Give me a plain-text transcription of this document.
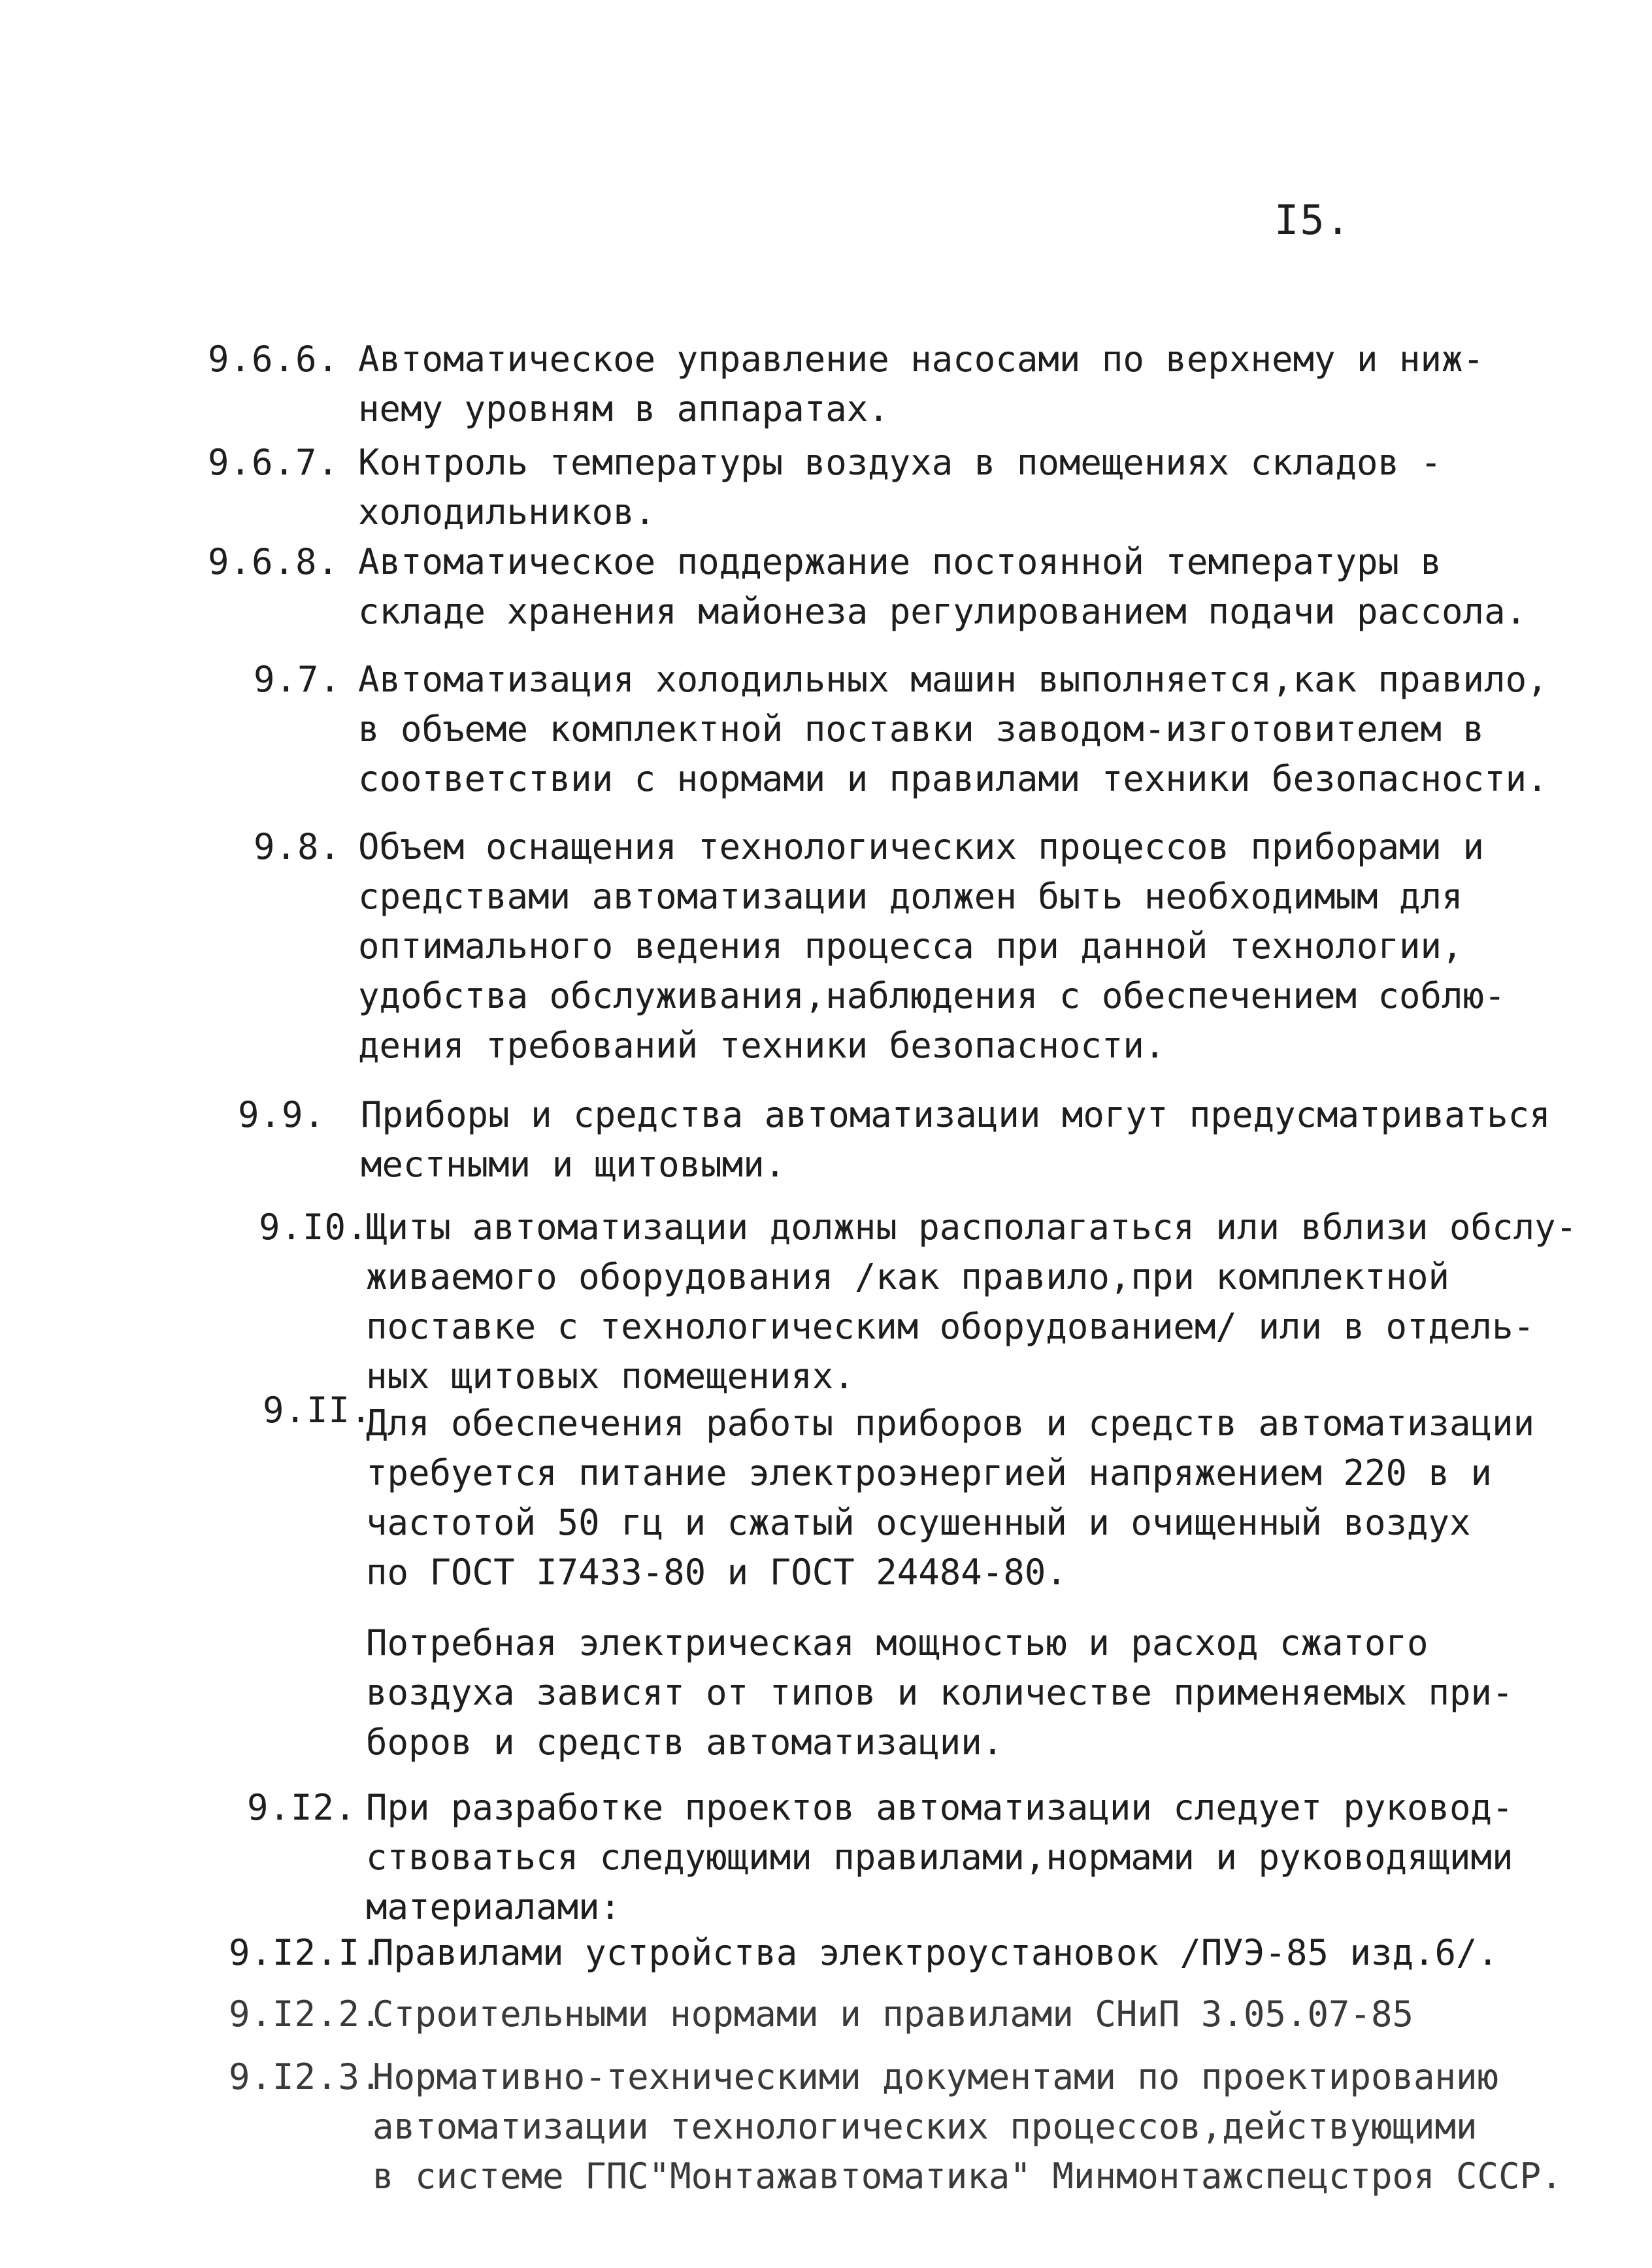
I5.
9.6.6. Автоматическое управление насосами по верхнему и ниж-
нему уровням в аппаратах.
9.6.7. Контроль температуры воздуха в помещениях складов -
холодильников.
9.6.8. Автоматическое поддержание постоянной температуры в
складе хранения майонеза регулированием подачи рассола.
9.7. Автоматизация холодильных машин выполняется,как правило,
в объеме комплектной поставки заводом-изготовителем в
соответствии с нормами и правилами техники безопасности.
9.8. Объем оснащения технологических процессов приборами и
средствами автоматизации должен быть необходимым для
оптимального ведения процесса при данной технологии,
удобства обслуживания,наблюдения с обеспечением соблю-
дения требований техники безопасности.
9.9. Приборы и средства автоматизации могут предусматриваться
местными и щитовыми.
9.I0.
Щиты автоматизации должны располагаться или вблизи обслу-
живаемого оборудования /как правило,при комплектной
поставке с технологическим оборудованием/ или в отдель-
ных щитовых помещениях.
9.II.
Для обеспечения работы приборов и средств автоматизации
требуется питание электроэнергией напряжением 220 в и
частотой 50 гц и сжатый осушенный и очищенный воздух
по ГОСТ I7433-80 и ГОСТ 24484-80.
Потребная электрическая мощностью и расход сжатого
воздуха зависят от типов и количестве применяемых при-
боров и средств автоматизации.
9.I2. При разработке проектов автоматизации следует руковод-
ствоваться следующими правилами,нормами и руководящими
материалами:
9.I2.I.
Правилами устройства электроустановок /ПУЭ-85 изд.6/.
9.I2.2.
Строительными нормами и правилами СНиП 3.05.07-85
9.I2.3.
Нормативно-техническими документами по проектированию
автоматизации технологических процессов,действующими
в системе ГПС"Монтажавтоматика" Минмонтажспецстроя СССР.
